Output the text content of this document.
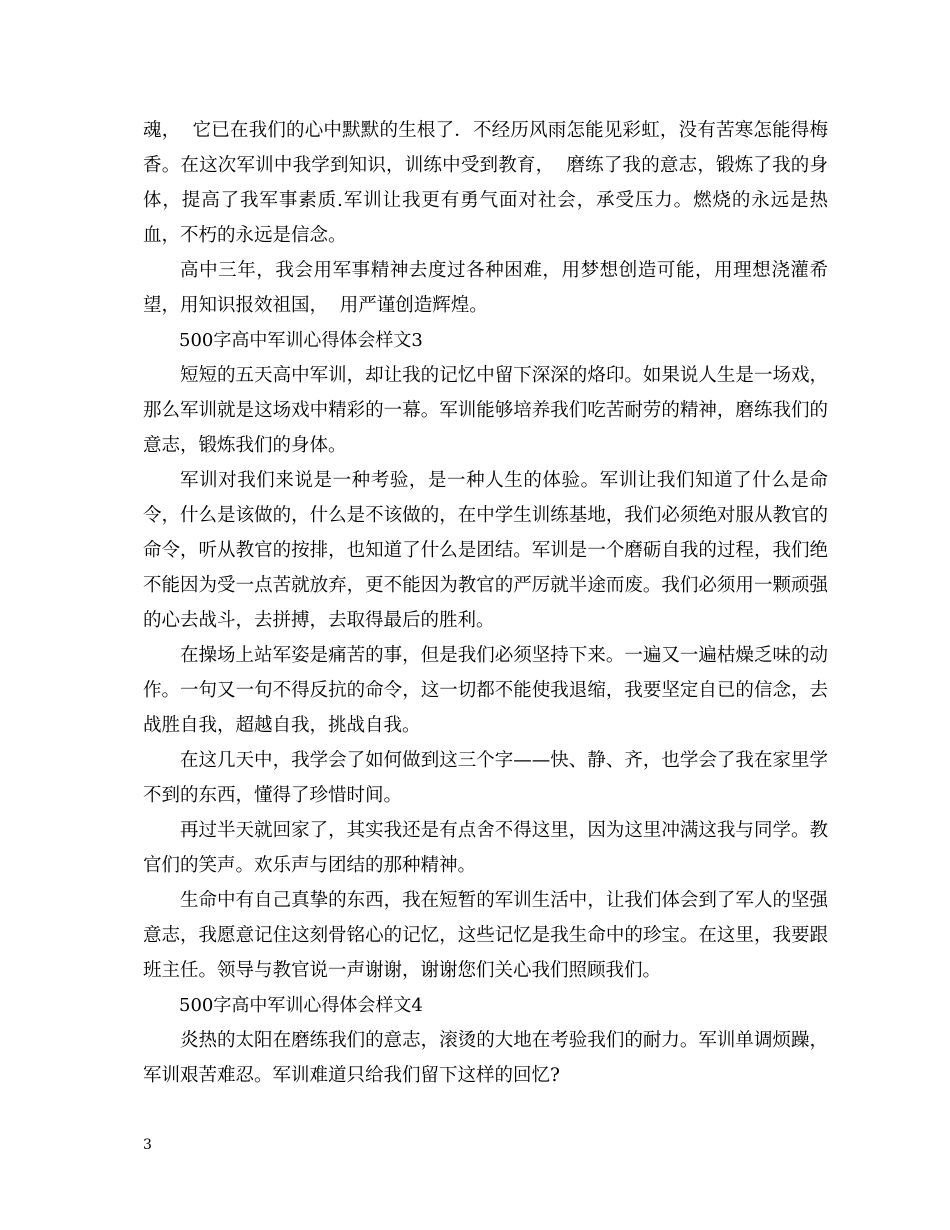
魂，  它已在我们的心中默默的生根了．不经历风雨怎能见彩虹，没有苦寒怎能得梅香。在这次军训中我学到知识，训练中受到教育，  磨练了我的意志，锻炼了我的身体，提高了我军事素质.军训让我更有勇气面对社会，承受压力。燃烧的永远是热血，不朽的永远是信念。

高中三年，我会用军事精神去度过各种困难，用梦想创造可能，用理想浇灌希望，用知识报效祖国，  用严谨创造辉煌。

500字高中军训心得体会样文3

短短的五天高中军训，却让我的记忆中留下深深的烙印。如果说人生是一场戏，那么军训就是这场戏中精彩的一幕。军训能够培养我们吃苦耐劳的精神，磨练我们的意志，锻炼我们的身体。

军训对我们来说是一种考验，是一种人生的体验。军训让我们知道了什么是命令，什么是该做的，什么是不该做的，在中学生训练基地，我们必须绝对服从教官的命令，听从教官的按排，也知道了什么是团结。军训是一个磨砺自我的过程，我们绝不能因为受一点苦就放弃，更不能因为教官的严厉就半途而废。我们必须用一颗顽强的心去战斗，去拼搏，去取得最后的胜利。

在操场上站军姿是痛苦的事，但是我们必须坚持下来。一遍又一遍枯燥乏味的动作。一句又一句不得反抗的命令，这一切都不能使我退缩，我要坚定自已的信念，去战胜自我，超越自我，挑战自我。

在这几天中，我学会了如何做到这三个字——快、静、齐，也学会了我在家里学不到的东西，懂得了珍惜时间。

再过半天就回家了，其实我还是有点舍不得这里，因为这里冲满这我与同学。教官们的笑声。欢乐声与团结的那种精神。

生命中有自己真挚的东西，我在短暂的军训生活中，让我们体会到了军人的坚强意志，我愿意记住这刻骨铭心的记忆，这些记忆是我生命中的珍宝。在这里，我要跟班主任。领导与教官说一声谢谢，谢谢您们关心我们照顾我们。

500字高中军训心得体会样文4

炎热的太阳在磨练我们的意志，滚烫的大地在考验我们的耐力。军训单调烦躁，军训艰苦难忍。军训难道只给我们留下这样的回忆?

3
